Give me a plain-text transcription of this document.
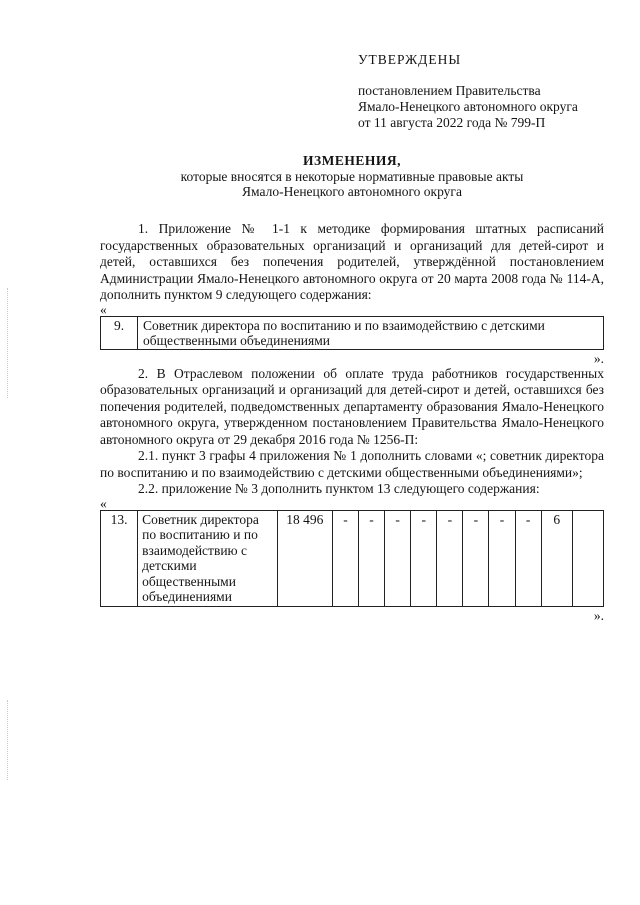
УТВЕРЖДЕНЫ
постановлением Правительства
Ямало-Ненецкого автономного округа
от 11 августа 2022 года № 799-П
ИЗМЕНЕНИЯ,
которые вносятся в некоторые нормативные правовые акты
Ямало-Ненецкого автономного округа

1. Приложение № 1-1 к методике формирования штатных расписаний государственных образовательных организаций и организаций для детей-сирот и детей, оставшихся без попечения родителей, утверждённой постановлением Администрации Ямало-Ненецкого автономного округа от 20 марта 2008 года № 114-А, дополнить пунктом 9 следующего содержания:

«
9.	Советник директора по воспитанию и по взаимодействию с детскими общественными объединениями
».

2. В Отраслевом положении об оплате труда работников государственных образовательных организаций и организаций для детей-сирот и детей, оставшихся без попечения родителей, подведомственных департаменту образования Ямало-Ненецкого автономного округа, утвержденном постановлением Правительства Ямало-Ненецкого автономного округа от 29 декабря 2016 года № 1256-П:

2.1. пункт 3 графы 4 приложения № 1 дополнить словами «; советник директора по воспитанию и по взаимодействию с детскими общественными объединениями»;

2.2. приложение № 3 дополнить пунктом 13 следующего содержания:

«
13.	Советник директора по воспитанию и по взаимодействию с детскими общественными объединениями	18 496	-	-	-	-	-	-	-	-	6	
».
